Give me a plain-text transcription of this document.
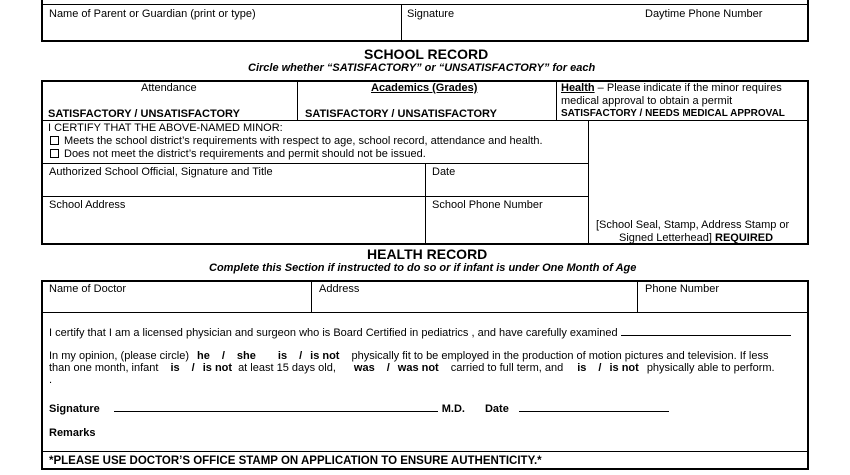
Name of Parent or Guardian (print or type)	Signature	Daytime Phone Number
SCHOOL RECORD
Circle whether “SATISFACTORY” or “UNSATISFACTORY” for each
Attendance
SATISFACTORY / UNSATISFACTORY
Academics (Grades)
SATISFACTORY / UNSATISFACTORY
Health – Please indicate if the minor requires
medical approval to obtain a permit
SATISFACTORY / NEEDS MEDICAL APPROVAL
I CERTIFY THAT THE ABOVE-NAMED MINOR:
Meets the school district’s requirements with respect to age, school record, attendance and health.
Does not meet the district’s requirements and permit should not be issued.
Authorized School Official, Signature and Title	Date
School Address	School Phone Number
[School Seal, Stamp, Address Stamp or
Signed Letterhead] REQUIRED
HEALTH RECORD
Complete this Section if instructed to do so or if infant is under One Month of Age
Name of Doctor	Address	Phone Number
I certify that I am a licensed physician and surgeon who is Board Certified in pediatrics , and have carefully examined
In my opinion, (please circle) he / she is / is not physically fit to be employed in the production of motion pictures and television. If less
than one month, infant is / is not at least 15 days old, was / was not carried to full term, and is / is not physically able to perform.
.
Signature	M.D. Date
Remarks
*PLEASE USE DOCTOR’S OFFICE STAMP ON APPLICATION TO ENSURE AUTHENTICITY.*
